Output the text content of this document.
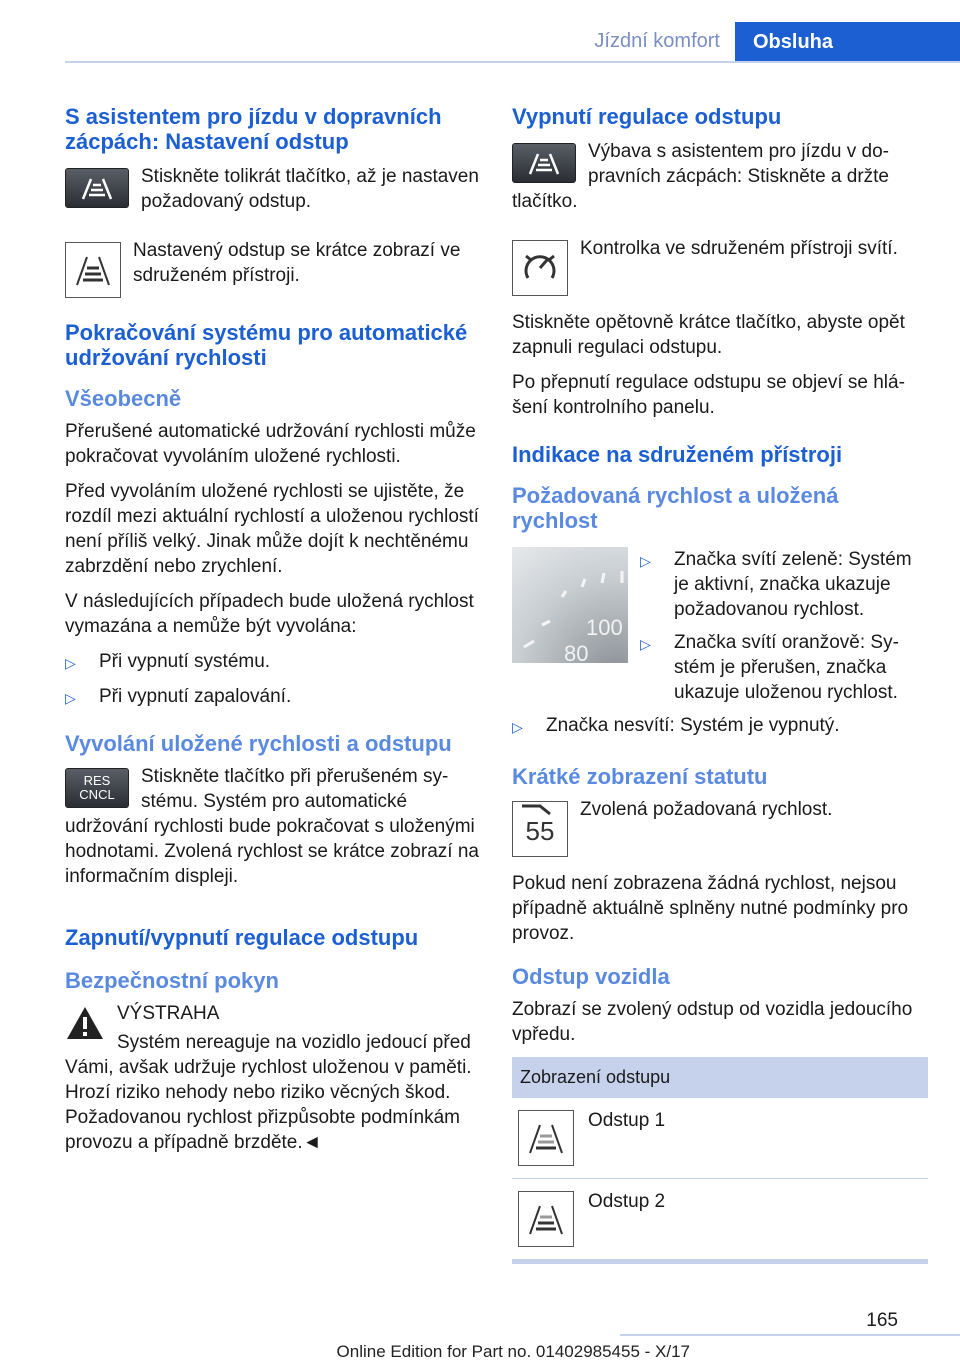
Jízdní komfort	Obsluha
S asistentem pro jízdu v dopravních zácpách: Nastavení odstup

Stiskněte tolikrát tlačítko, až je nastaven požadovaný odstup.

Nastavený odstup se krátce zobrazí ve sdruženém přístroji.

Pokračování systému pro automatické udržování rychlosti
Všeobecně

Přerušené automatické udržování rychlosti může pokračovat vyvoláním uložené rychlosti.

Před vyvoláním uložené rychlosti se ujistěte, že rozdíl mezi aktuální rychlostí a uloženou rychlostí není příliš velký. Jinak může dojít k nechtěnému zabrzdění nebo zrychlení.

V následujících případech bude uložená rychlost vymazána a nemůže být vyvolána:

▷	Při vypnutí systému.
▷	Při vypnutí zapalování.
Vyvolání uložené rychlosti a odstupu
RES
CNCL

Stiskněte tlačítko při přerušeném systému. Systém pro automatické udržování rychlosti bude pokračovat s uloženými hodnotami. Zvolená rychlost se krátce zobrazí na informačním displeji.

Zapnutí/vypnutí regulace odstupu
Bezpečnostní pokyn

VÝSTRAHA

Systém nereaguje na vozidlo jedoucí před Vámi, avšak udržuje rychlost uloženou v paměti. Hrozí riziko nehody nebo riziko věcných škod. Požadovanou rychlost přizpůsobte podmínkám provozu a případně brzděte.◄

Vypnutí regulace odstupu

Výbava s asistentem pro jízdu v dopravních zácpách: Stiskněte a držte tlačítko.

Kontrolka ve sdruženém přístroji svítí.

Stiskněte opětovně krátce tlačítko, abyste opět zapnuli regulaci odstupu.

Po přepnutí regulace odstupu se objeví se hlášení kontrolního panelu.

Indikace na sdruženém přístroji
Požadovaná rychlost a uložená rychlost
100
80
▷	Značka svítí zeleně: Systém je aktivní, značka ukazuje požadovanou rychlost.
▷	Značka svítí oranžově: Systém je přerušen, značka ukazuje uloženou rychlost.
▷	Značka nesvítí: Systém je vypnutý.
Krátké zobrazení statutu
55

Zvolená požadovaná rychlost.

Pokud není zobrazena žádná rychlost, nejsou případně aktuálně splněny nutné podmínky pro provoz.

Odstup vozidla

Zobrazí se zvolený odstup od vozidla jedoucího vpředu.

Zobrazení odstupu
Odstup 1
Odstup 2
165
Online Edition for Part no. 01402985455 - X/17
